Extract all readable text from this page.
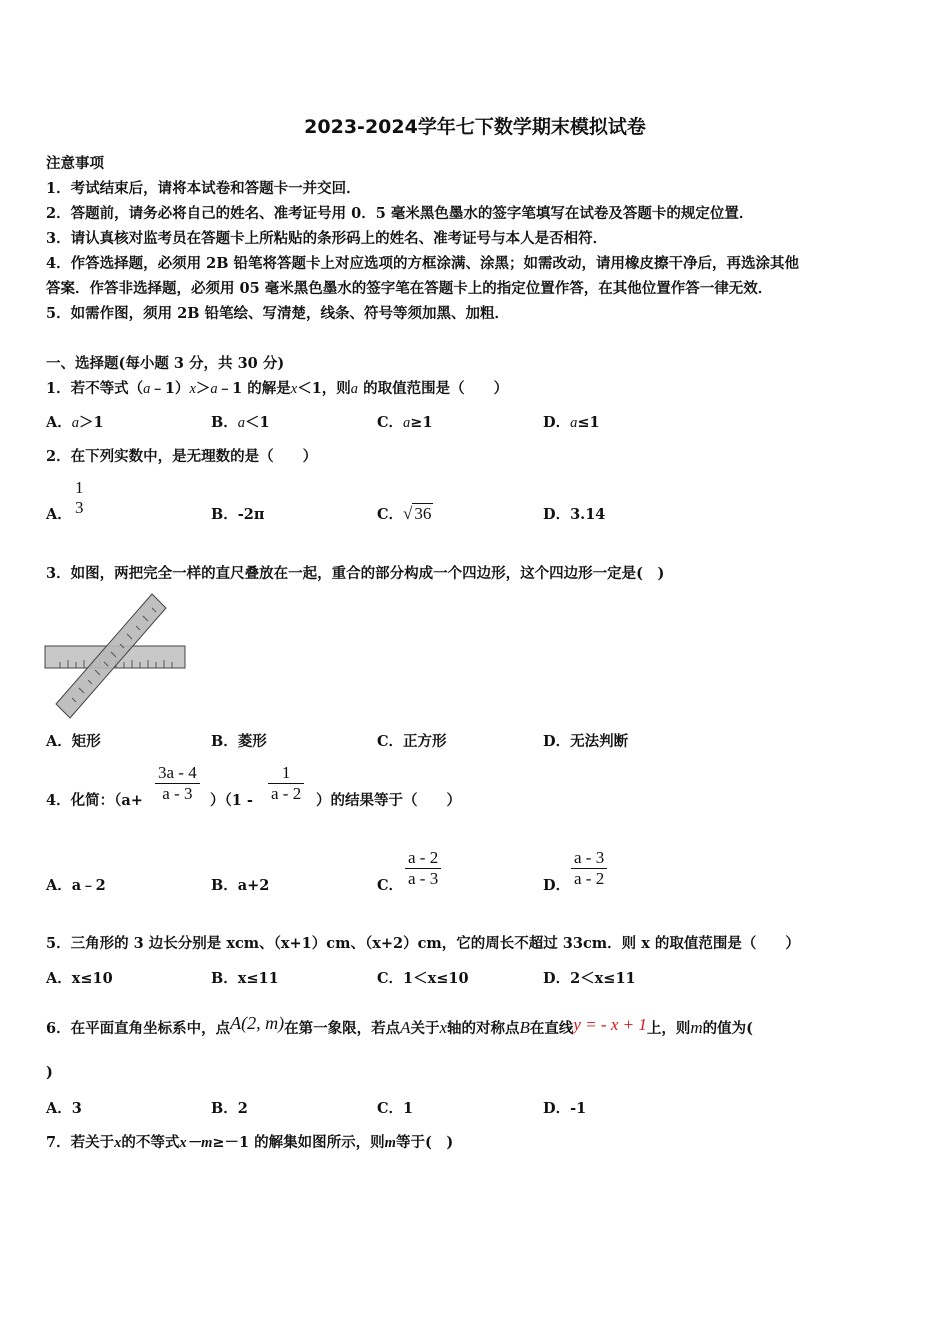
2023-2024学年七下数学期末模拟试卷
注意事项
1．考试结束后，请将本试卷和答题卡一并交回．
2．答题前，请务必将自己的姓名、准考证号用 0．5 毫米黑色墨水的签字笔填写在试卷及答题卡的规定位置．
3．请认真核对监考员在答题卡上所粘贴的条形码上的姓名、准考证号与本人是否相符．
4．作答选择题，必须用 2B 铅笔将答题卡上对应选项的方框涂满、涂黑；如需改动，请用橡皮擦干净后，再选涂其他
答案．作答非选择题，必须用 05 毫米黑色墨水的签字笔在答题卡上的指定位置作答，在其他位置作答一律无效．
5．如需作图，须用 2B 铅笔绘、写清楚，线条、符号等须加黑、加粗．
一、选择题(每小题 3 分，共 30 分)
1．若不等式（a﹣1）x＞a﹣1 的解是x＜1，则a 的取值范围是（　　）
A．a＞1	B．a＜1	C．a≥1	D．a≤1
2．在下列实数中，是无理数的是（　　）
A．
1
3	B．-2π	C．√ 36	D．3.14
3．如图，两把完全一样的直尺叠放在一起，重合的部分构成一个四边形，这个四边形一定是(　)
A．矩形	B．菱形	C．正方形	D．无法判断
4．化简：（a+
3a - 4
a - 3	）（1 -
1
a - 2 ）的结果等于（　　）
A．a﹣2	B．a+2	C．
a - 2
a - 3	D．
a - 3
a - 2
5．三角形的 3 边长分别是 xcm、（x+1）cm、（x+2）cm，它的周长不超过 33cm．则 x 的取值范围是（　　）
A．x≤10	B．x≤11	C．1＜x≤10	D．2＜x≤11
6．在平面直角坐标系中，点A(2, m)在第一象限，若点A关于x轴的对称点B在直线y = - x + 1上，则m的值为(
)
A．3	B．2	C．1	D．-1
7．若关于x的不等式x－m≥－1 的解集如图所示，则m等于(　)
